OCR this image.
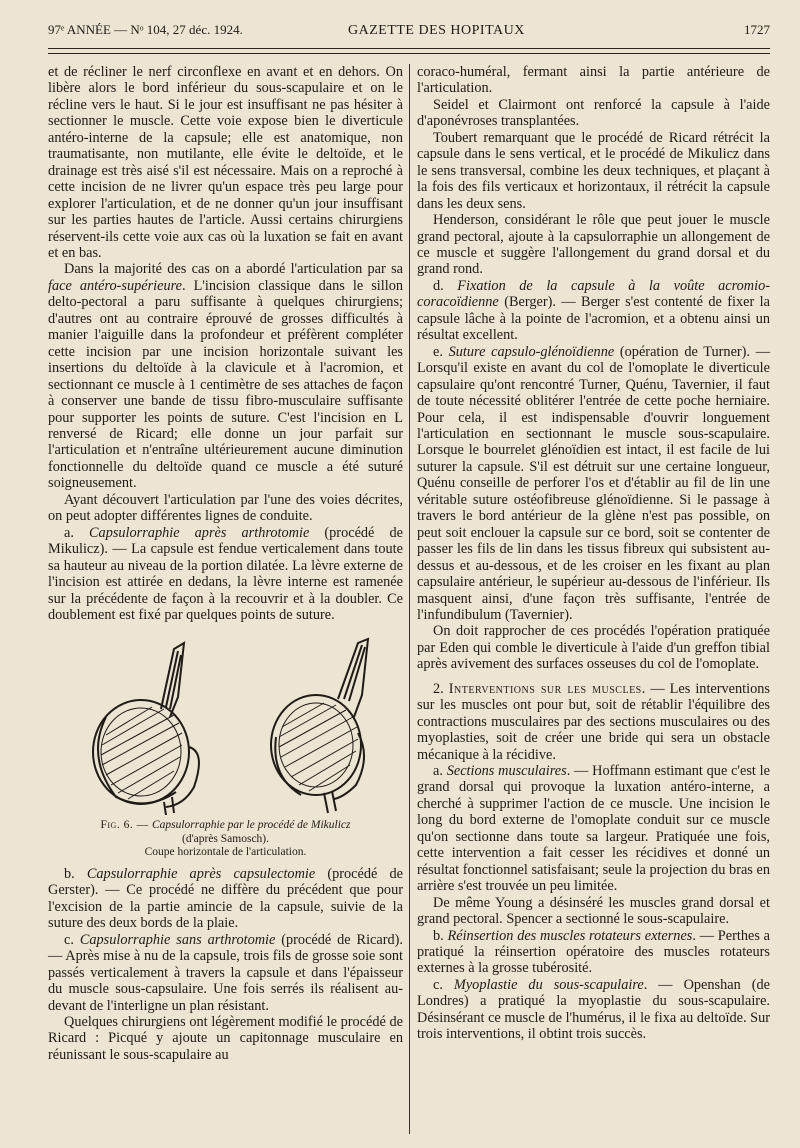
97ᵉ ANNÉE — Nᵒ 104, 27 déc. 1924.	GAZETTE DES HOPITAUX	1727

et de récliner le nerf circonflexe en avant et en dehors. On libère alors le bord inférieur du sous-scapulaire et on le récline vers le haut. Si le jour est insuffisant ne pas hésiter à sectionner le muscle. Cette voie expose bien le diverticule antéro-interne de la capsule; elle est anatomique, non traumatisante, non mutilante, elle évite le deltoïde, et le drainage est très aisé s'il est nécessaire. Mais on a reproché à cette incision de ne livrer qu'un espace très peu large pour explorer l'articulation, et de ne donner qu'un jour insuffisant sur les parties hautes de l'article. Aussi certains chirurgiens réservent-ils cette voie aux cas où la luxation se fait en avant et en bas.

Dans la majorité des cas on a abordé l'articulation par sa face antéro-supérieure. L'incision classique dans le sillon delto-pectoral a paru suffisante à quelques chirurgiens; d'autres ont au contraire éprouvé de grosses difficultés à manier l'aiguille dans la profondeur et préfèrent compléter cette incision par une incision horizontale suivant les insertions du deltoïde à la clavicule et à l'acromion, et sectionnant ce muscle à 1 centimètre de ses attaches de façon à conserver une bande de tissu fibro-musculaire suffisante pour supporter les points de suture. C'est l'incision en L renversé de Ricard; elle donne un jour parfait sur l'articulation et n'entraîne ultérieurement aucune diminution fonctionnelle du deltoïde quand ce muscle a été suturé soigneusement.

Ayant découvert l'articulation par l'une des voies décrites, on peut adopter différentes lignes de conduite.

a. Capsulorraphie après arthrotomie (procédé de Mikulicz). — La capsule est fendue verticalement dans toute sa hauteur au niveau de la portion dilatée. La lèvre externe de l'incision est attirée en dedans, la lèvre interne est ramenée sur la précédente de façon à la recouvrir et à la doubler. Ce doublement est fixé par quelques points de suture.

Fig. 6. — Capsulorraphie par le procédé de Mikulicz
(d'après Samosch).
Coupe horizontale de l'articulation.

b. Capsulorraphie après capsulectomie (procédé de Gerster). — Ce procédé ne diffère du précédent que pour l'excision de la partie amincie de la capsule, suivie de la suture des deux bords de la plaie.

c. Capsulorraphie sans arthrotomie (procédé de Ricard). — Après mise à nu de la capsule, trois fils de grosse soie sont passés verticalement à travers la capsule et dans l'épaisseur du muscle sous-capsulaire. Une fois serrés ils réalisent au-devant de l'interligne un plan résistant.

Quelques chirurgiens ont légèrement modifié le procédé de Ricard : Picqué y ajoute un capitonnage musculaire en réunissant le sous-scapulaire au

coraco-huméral, fermant ainsi la partie antérieure de l'articulation.

Seidel et Clairmont ont renforcé la capsule à l'aide d'aponévroses transplantées.

Toubert remarquant que le procédé de Ricard rétrécit la capsule dans le sens vertical, et le procédé de Mikulicz dans le sens transversal, combine les deux techniques, et plaçant à la fois des fils verticaux et horizontaux, il rétrécit la capsule dans les deux sens.

Henderson, considérant le rôle que peut jouer le muscle grand pectoral, ajoute à la capsulorraphie un allongement de ce muscle et suggère l'allongement du grand dorsal et du grand rond.

d. Fixation de la capsule à la voûte acromio-coracoïdienne (Berger). — Berger s'est contenté de fixer la capsule lâche à la pointe de l'acromion, et a obtenu ainsi un résultat excellent.

e. Suture capsulo-glénoïdienne (opération de Turner). — Lorsqu'il existe en avant du col de l'omoplate le diverticule capsulaire qu'ont rencontré Turner, Quénu, Tavernier, il faut de toute nécessité oblitérer l'entrée de cette poche herniaire. Pour cela, il est indispensable d'ouvrir longuement l'articulation en sectionnant le muscle sous-scapulaire. Lorsque le bourrelet glénoïdien est intact, il est facile de lui suturer la capsule. S'il est détruit sur une certaine longueur, Quénu conseille de perforer l'os et d'établir au fil de lin une véritable suture ostéofibreuse glénoïdienne. Si le passage à travers le bord antérieur de la glène n'est pas possible, on peut soit enclouer la capsule sur ce bord, soit se contenter de passer les fils de lin dans les tissus fibreux qui subsistent au-dessus et au-dessous, et de les croiser en les fixant au plan capsulaire antérieur, le supérieur au-dessous de l'inférieur. Ils masquent ainsi, d'une façon très suffisante, l'entrée de l'infundibulum (Tavernier).

On doit rapprocher de ces procédés l'opération pratiquée par Eden qui comble le diverticule à l'aide d'un greffon tibial après avivement des surfaces osseuses du col de l'omoplate.

2. Interventions sur les muscles. — Les interventions sur les muscles ont pour but, soit de rétablir l'équilibre des contractions musculaires par des sections musculaires ou des myoplasties, soit de créer une bride qui sera un obstacle mécanique à la récidive.

a. Sections musculaires. — Hoffmann estimant que c'est le grand dorsal qui provoque la luxation antéro-interne, a cherché à supprimer l'action de ce muscle. Une incision le long du bord externe de l'omoplate conduit sur ce muscle qu'on sectionne dans toute sa largeur. Pratiquée une fois, cette intervention a fait cesser les récidives et donné un résultat fonctionnel satisfaisant; seule la projection du bras en arrière s'est trouvée un peu limitée.

De même Young a désinséré les muscles grand dorsal et grand pectoral. Spencer a sectionné le sous-scapulaire.

b. Réinsertion des muscles rotateurs externes. — Perthes a pratiqué la réinsertion opératoire des muscles rotateurs externes à la grosse tubérosité.

c. Myoplastie du sous-scapulaire. — Openshan (de Londres) a pratiqué la myoplastie du sous-scapulaire. Désinsérant ce muscle de l'humérus, il le fixa au deltoïde. Sur trois interventions, il obtint trois succès.
